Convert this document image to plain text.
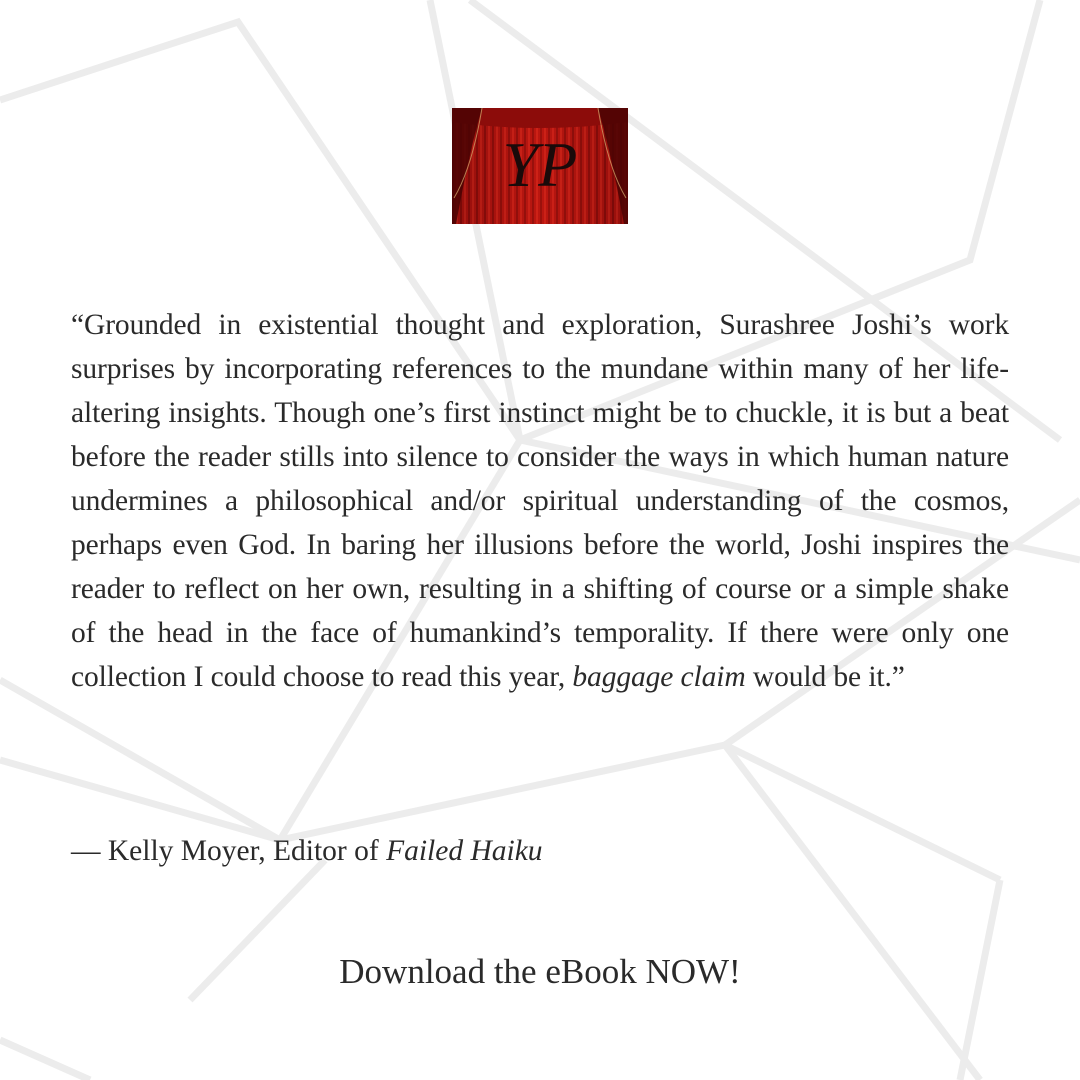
YP

“Grounded in existential thought and exploration, Surashree Joshi’s work surprises by incorporating references to the mundane within many of her life-altering insights. Though one’s first instinct might be to chuckle, it is but a beat before the reader stills into silence to consider the ways in which human nature undermines a philosophical and/or spiritual understanding of the cosmos, perhaps even God. In baring her illusions before the world, Joshi inspires the reader to reflect on her own, resulting in a shifting of course or a simple shake of the head in the face of humankind’s temporality. If there were only one collection I could choose to read this year, baggage claim would be it.”

— Kelly Moyer, Editor of Failed Haiku

Download the eBook NOW!
